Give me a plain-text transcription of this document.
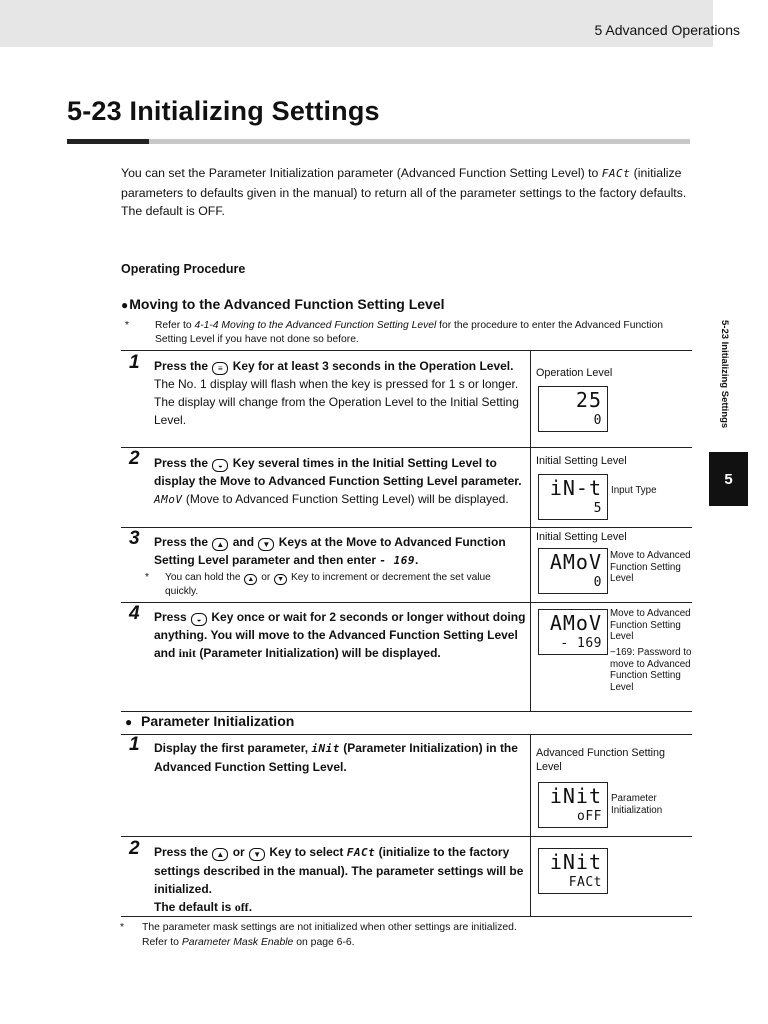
5 Advanced Operations
5-23 Initializing Settings
5-23 Initializing Settings
5

You can set the Parameter Initialization parameter (Advanced Function Setting Level) to FACt (initialize parameters to defaults given in the manual) to return all of the parameter settings to the factory defaults.

The default is OFF.

Operating Procedure
●Moving to the Advanced Function Setting Level
*	Refer to 4-1-4 Moving to the Advanced Function Setting Level for the procedure to enter the Advanced Function Setting Level if you have not done so before.
1 Press the ≡ Key for at least 3 seconds in the Operation Level.
The No. 1 display will flash when the key is pressed for 1 s or longer. The display will change from the Operation Level to the Initial Setting Level.
Operation Level
25
0
2 Press the ◒ Key several times in the Initial Setting Level to display the Move to Advanced Function Setting Level parameter.
AMoV (Move to Advanced Function Setting Level) will be displayed.
Initial Setting Level
iN-t
5
Input Type
3 Press the ▲ and ▼ Keys at the Move to Advanced Function Setting Level parameter and then enter - 169.
* You can hold the ▲ or ▼ Key to increment or decrement the set value quickly.
Initial Setting Level
AMoV
0
Move to Advanced Function Setting Level
4 Press ◒ Key once or wait for 2 seconds or longer without doing anything. You will move to the Advanced Function Setting Level and init (Parameter Initialization) will be displayed.
AMoV
- 169
Move to Advanced Function Setting Level
−169: Password to move to Advanced Function Setting Level
● Parameter Initialization
1 Display the first parameter, iNit (Parameter Initialization) in the Advanced Function Setting Level.
Advanced Function Setting Level
iNit
oFF
Parameter Initialization
2 Press the ▲ or ▼ Key to select FACt (initialize to the factory settings described in the manual). The parameter settings will be initialized.
The default is off.
iNit
FACt
* The parameter mask settings are not initialized when other settings are initialized.
Refer to Parameter Mask Enable on page 6-6.
